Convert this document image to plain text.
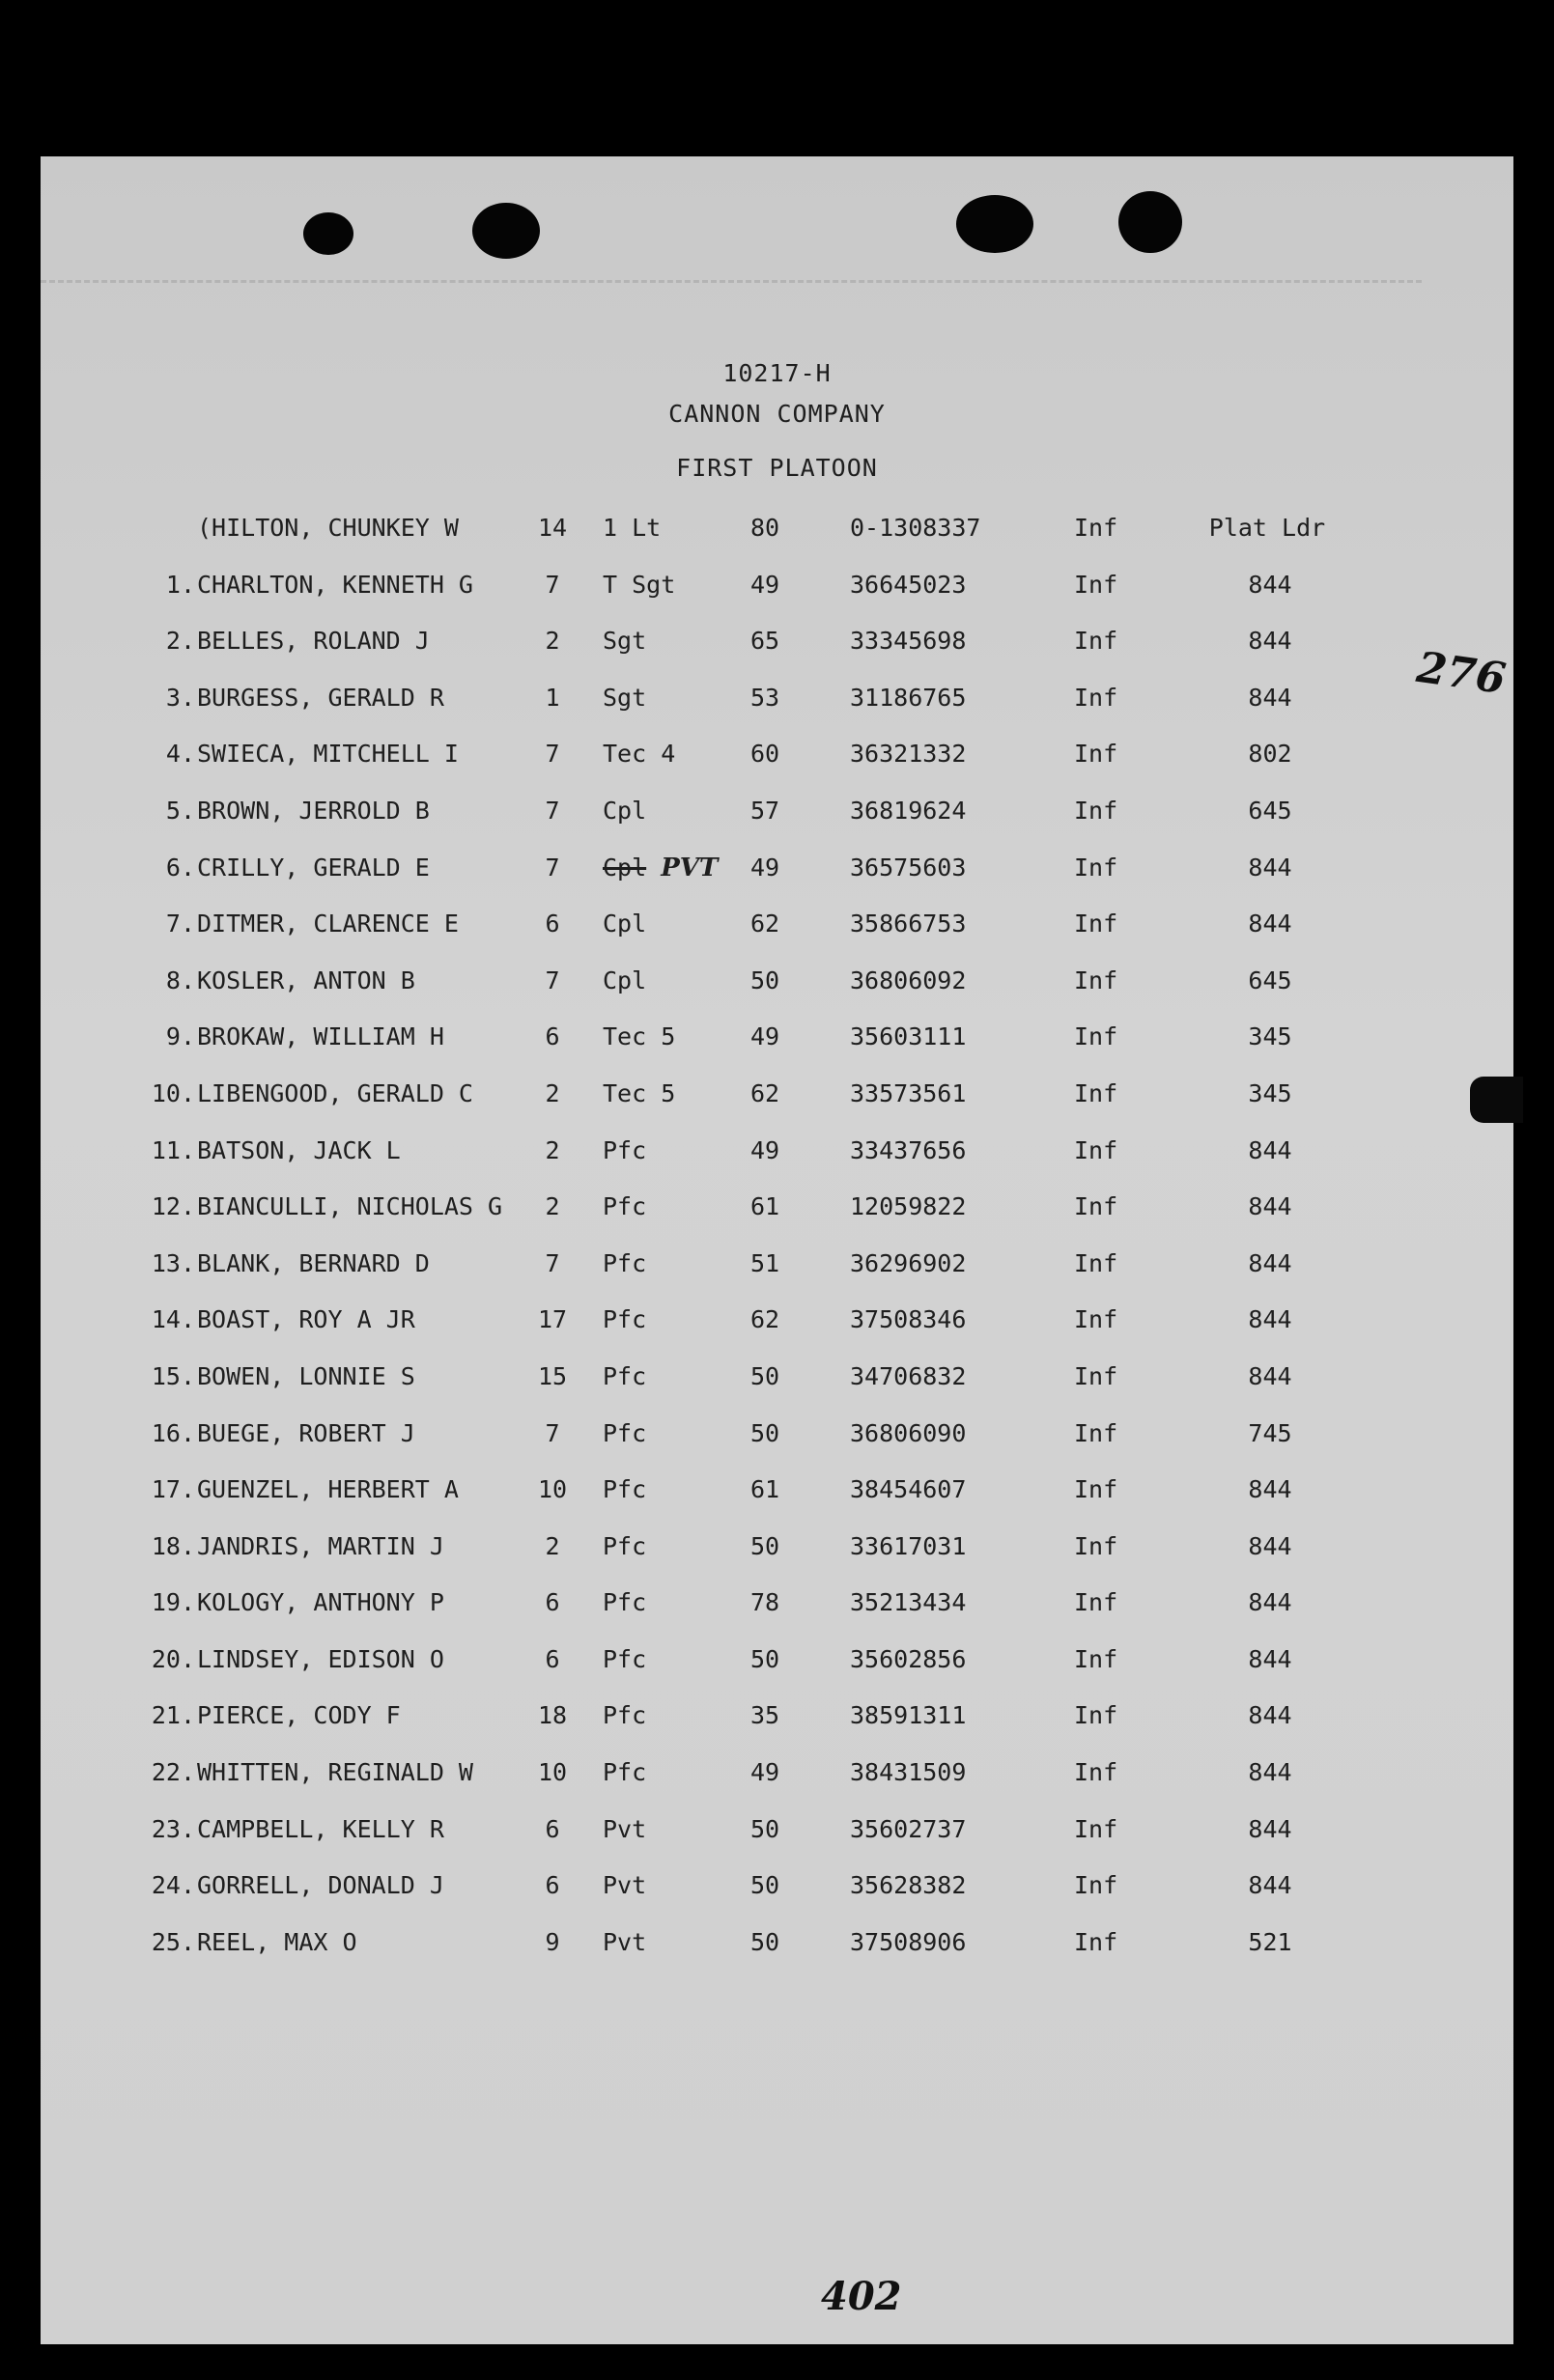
10217-H
CANNON COMPANY
FIRST PLATOON
(HILTON, CHUNKEY W	14	1 Lt	80	0-1308337	Inf	Plat Ldr
1. CHARLTON, KENNETH G	7	T Sgt	49	36645023	Inf	844
2. BELLES, ROLAND J	2	Sgt	65	33345698	Inf	844
3. BURGESS, GERALD R	1	Sgt	53	31186765	Inf	844
4. SWIECA, MITCHELL I	7	Tec 4	60	36321332	Inf	802
5. BROWN, JERROLD B	7	Cpl	57	36819624	Inf	645
6. CRILLY, GERALD E	7	Cpl PVT	49	36575603	Inf	844
7. DITMER, CLARENCE E	6	Cpl	62	35866753	Inf	844
8. KOSLER, ANTON B	7	Cpl	50	36806092	Inf	645
9. BROKAW, WILLIAM H	6	Tec 5	49	35603111	Inf	345
10. LIBENGOOD, GERALD C	2	Tec 5	62	33573561	Inf	345
11. BATSON, JACK L	2	Pfc	49	33437656	Inf	844
12. BIANCULLI, NICHOLAS G	2	Pfc	61	12059822	Inf	844
13. BLANK, BERNARD D	7	Pfc	51	36296902	Inf	844
14. BOAST, ROY A JR	17	Pfc	62	37508346	Inf	844
15. BOWEN, LONNIE S	15	Pfc	50	34706832	Inf	844
16. BUEGE, ROBERT J	7	Pfc	50	36806090	Inf	745
17. GUENZEL, HERBERT A	10	Pfc	61	38454607	Inf	844
18. JANDRIS, MARTIN J	2	Pfc	50	33617031	Inf	844
19. KOLOGY, ANTHONY P	6	Pfc	78	35213434	Inf	844
20. LINDSEY, EDISON O	6	Pfc	50	35602856	Inf	844
21. PIERCE, CODY F	18	Pfc	35	38591311	Inf	844
22. WHITTEN, REGINALD W	10	Pfc	49	38431509	Inf	844
23. CAMPBELL, KELLY R	6	Pvt	50	35602737	Inf	844
24. GORRELL, DONALD J	6	Pvt	50	35628382	Inf	844
25. REEL, MAX O	9	Pvt	50	37508906	Inf	521
276
402
